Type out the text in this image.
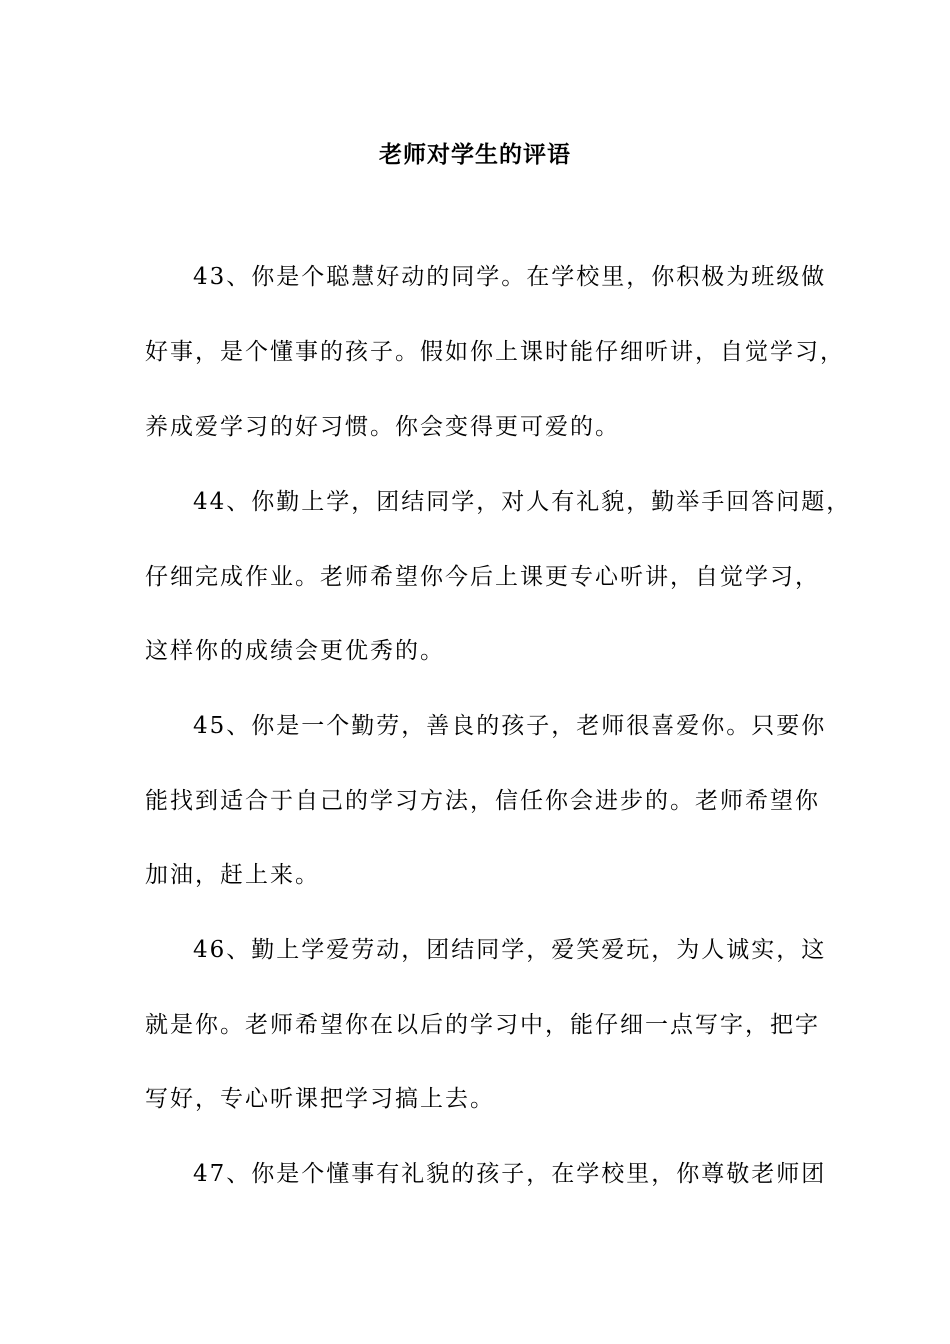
老师对学生的评语
43、你是个聪慧好动的同学。在学校里，你积极为班级做
好事，是个懂事的孩子。假如你上课时能仔细听讲，自觉学习，
养成爱学习的好习惯。你会变得更可爱的。
44、你勤上学，团结同学，对人有礼貌，勤举手回答问题，
仔细完成作业。老师希望你今后上课更专心听讲，自觉学习，
这样你的成绩会更优秀的。
45、你是一个勤劳，善良的孩子，老师很喜爱你。只要你
能找到适合于自己的学习方法，信任你会进步的。老师希望你
加油，赶上来。
46、勤上学爱劳动，团结同学，爱笑爱玩，为人诚实，这
就是你。老师希望你在以后的学习中，能仔细一点写字，把字
写好，专心听课把学习搞上去。
47、你是个懂事有礼貌的孩子，在学校里，你尊敬老师团
